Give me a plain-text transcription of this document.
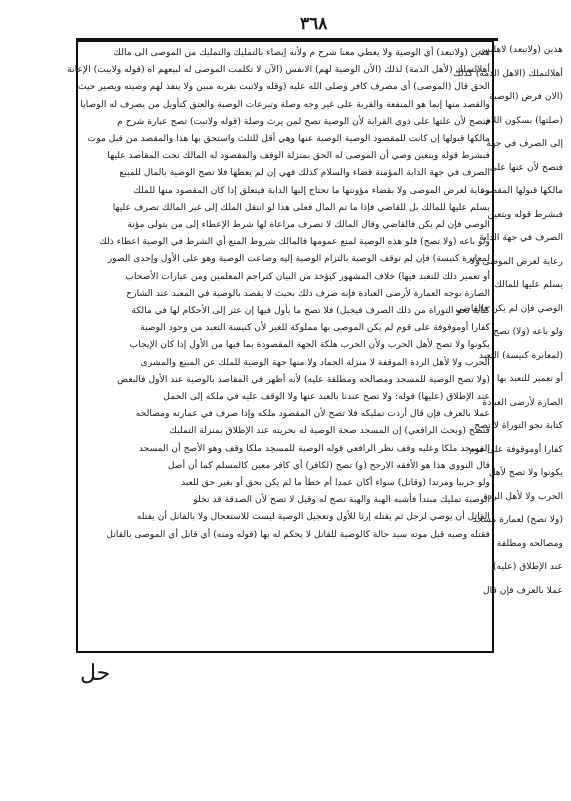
٣٦٨
هذين (ولاتبعد) لاهلبس
أهلالتملك (الاهل الذمة) كذلك
(الان فرض (الوصية
(صلتها) بسكون اللام
إلى الصرف في جهة
فتصح لأن عنها على
مالكها قبولها المقصود
فبشرط قوله ويتعين
الصرف في جهة الدابة
رعاية لغرض الموصى ولا
يسلم عليها للمالك
الوصي فإن لم يكن فالقاضي
ولو باعه (ولا) تصح
(لمعابرة كنيسة) التعبد
أو تعمير للتعبد بها
الصارة لأرضى العبادة
كتابة نحو التوراة لا تصح
كفارا أوموقوفة على قوم
يكونوا ولا تصح لأهل
الحرب ولا لأهل الردة
(ولا تصح) لعمارة مسجد
ومصالحه ومطلقة
عند الإطلاق (عليه)
عملا بالعرف فإن قال
هذين (ولاتبعد) أي الوصية ولا يعطي معنا شرح م ولأنه إيصاء بالتمليك والتمليك من الموصى الى مالك
أهلالتملك (لأهل الذمة) لذلك (الأن الوصية لهم) الانفس (الآن لا تكلمت الموصى له لبيعهم اه (قوله ولايبت) الإعانة
الحق قال (الموصى) أي مصرف كافر وصلى الله عليه (وقله ولاتبت بقربه مبين ولا ينفذ لهم وصيته ويصير حيث
والقصد منها إنما هو المنفعة والقربة على غير وجه وصلة وتبرعات الوصية والعتق كتأويل من يصرف له الوصايا
فتصح لأن علتها على ذوي القرابة لأن الوصية تصح لمن يرث وصلة (قوله ولاتبت) تصح عبارة شرح م
مالكها قبولها إن كانت للمقصود الوصية الوصية عنها وهي أقل للثلث واستحق بها هذا والمقصد من قبل موت
فبشرط قوله ويتعين وصي أن الموصى له الحق بمنزلة الوقف والمقصود له المالك تحت المقاصد عليها
الصرف في جهة الدابة المؤمنة قضاء والسلام كذلك فهي إن لم يعطها فلا تصح الوصية بالمال للمبيع
رعاية لغرض الموصى ولا بقضاء مؤونتها ما تحتاج إليها الدابة فيتعلق إذا كان المقصود منها للملك
يسلم عليها للمالك بل للقاضي فإذا ما تم المال فعلى هذا لو انتقل الملك إلى غير المالك تصرف عليها
الوصي فإن لم يكن فالقاضي وقال المالك لا تصرف مراعاة لها شرط الإعطاء إلى من يتولى مؤنة
ولو باعه (ولا تصح) فلو هذه الوصية لمنع عمومها فالمالك شروط المنع أي الشرط في الوصية اعطاء ذلك
لمعابرة كنيسة) فإن لم توقف الوصية بالتزام الوصية إليه وضاعت الوصية وهو على الأول وإحدى الصور
أو تعمير ذلك للتعبد فيها) خلاف المشهور كيؤخذ من البيان كتراجم المعلمين ومن عبارات الأصحاب
الصارة بوجه العمارة لأرضى العبادة فإنه صرف ذلك بحيث لا يقصد بالوصية في المعبد عند الشارح
كتابة نحو التوراة من ذلك الصرف فيخيل) فلا تصح ما يأول فيها إن عثر إلى الأحكام لها في مالكة
كفارا أوموقوفة على قوم لم يكن الموصى بها مملوكة للغير لأن كنيسة التعبد من وجود الوصية
يكونوا ولا تصح لأهل الحرب ولأن الحرب هلكة الجهة المقصودة بما فيها من الأول إذا كان الإيجاب
الحرب ولا لأهل الردة الموقفة لا منزلة الجماد ولا منها جهة الوصية للملك عن المبيع والمشرى
(ولا تصح الوصية للمسجد ومصالحه ومطلقة عليه) لأنه أظهر في المقاصد بالوصية عند الأول فالبعض
عند الإطلاق (عليها) قوله: ولا تصح عندنا بالعبد عنها ولا الوقف عليه في ملكه إلى الحمل
عملا بالعرف فإن قال أردت تمليكه فلا تصح لأن المقصود ملكه وإذا صرف في عمارته ومصالحه
فتصح (وبحث الرافعي) إن المسجد صحة الوصية له بحريته عند الإطلاق بمنزلة التمليك
المسجد ملكا وعليه وقف نظر الرافعي قوله الوصية للمسجد ملكا وقف وهو الأصح أن المسجد
قال النووي هذا هو الأفقه الارجح (و) تصح (لكافر) أي كافر معين كالمسلم كما أن أصل
ولو حربيا ومرتدا (وقاتل) سواء أكان عمدا أم خطأ ما لم يكن بحق أو بغير حق للعبد
الوصية تمليك مبتدأ فأشبه الهبة والهبة تصح له وقيل لا تصح لأن الصدقة قد تخلو
القاتل أن يوصي لرجل ثم يقتله إرثا للأول وتعجيل الوصية ليست للاستعجال ولا بالقاتل أن يقتله
فقتله وصيه قبل موته سيد حالة كالوصية للقاتل لا يحكم له بها (قوله ومنه) أي قاتل أي الموصى بالقاتل
حل
